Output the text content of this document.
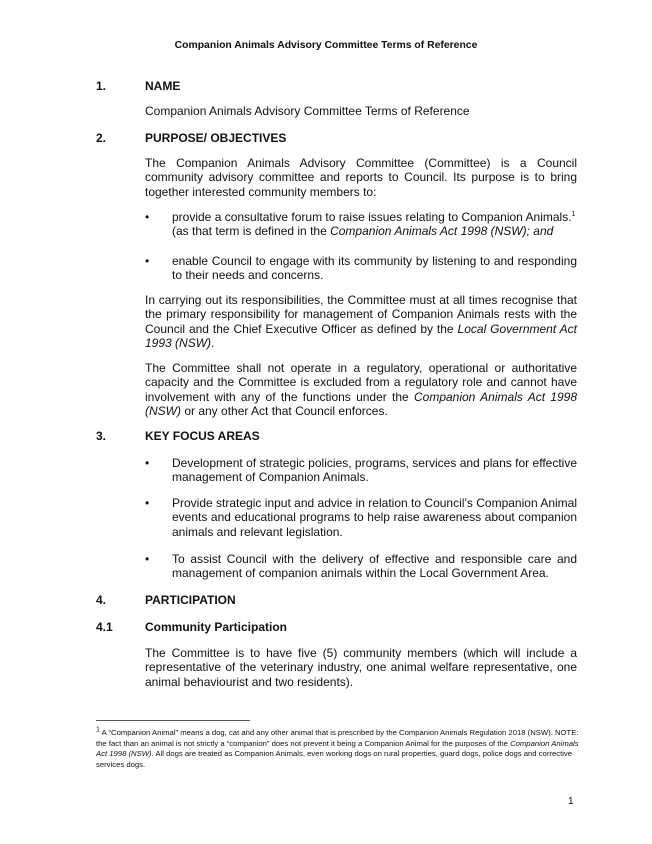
Companion Animals Advisory Committee Terms of Reference
1.	NAME

Companion Animals Advisory Committee Terms of Reference

2.	PURPOSE/ OBJECTIVES

The Companion Animals Advisory Committee (Committee) is a Council community advisory committee and reports to Council. Its purpose is to bring together interested community members to:

• provide a consultative forum to raise issues relating to Companion Animals.$^1$
(as that term is defined in the Companion Animals Act 1998 (NSW); and

• enable Council to engage with its community by listening to and responding to their needs and concerns.

In carrying out its responsibilities, the Committee must at all times recognise that the primary responsibility for management of Companion Animals rests with the Council and the Chief Executive Officer as defined by the Local Government Act 1993 (NSW).

The Committee shall not operate in a regulatory, operational or authoritative capacity and the Committee is excluded from a regulatory role and cannot have involvement with any of the functions under the Companion Animals Act 1998 (NSW) or any other Act that Council enforces.

3.	KEY FOCUS AREAS
• Development of strategic policies, programs, services and plans for effective management of Companion Animals.

• Provide strategic input and advice in relation to Council’s Companion Animal events and educational programs to help raise awareness about companion animals and relevant legislation.

• To assist Council with the delivery of effective and responsible care and management of companion animals within the Local Government Area.

4.	PARTICIPATION
4.1	Community Participation

The Committee is to have five (5) community members (which will include a representative of the veterinary industry, one animal welfare representative, one animal behaviourist and two residents).

$^1$ A “Companion Animal” means a dog, cat and any other animal that is prescribed by the Companion Animals Regulation 2018 (NSW). NOTE: the fact than an animal is not strictly a “companion” does not prevent it being a Companion Animal for the purposes of the Companion Animals Act 1998 (NSW). All dogs are treated as Companion Animals, even working dogs on rural properties, guard dogs, police dogs and corrective services dogs.

1
